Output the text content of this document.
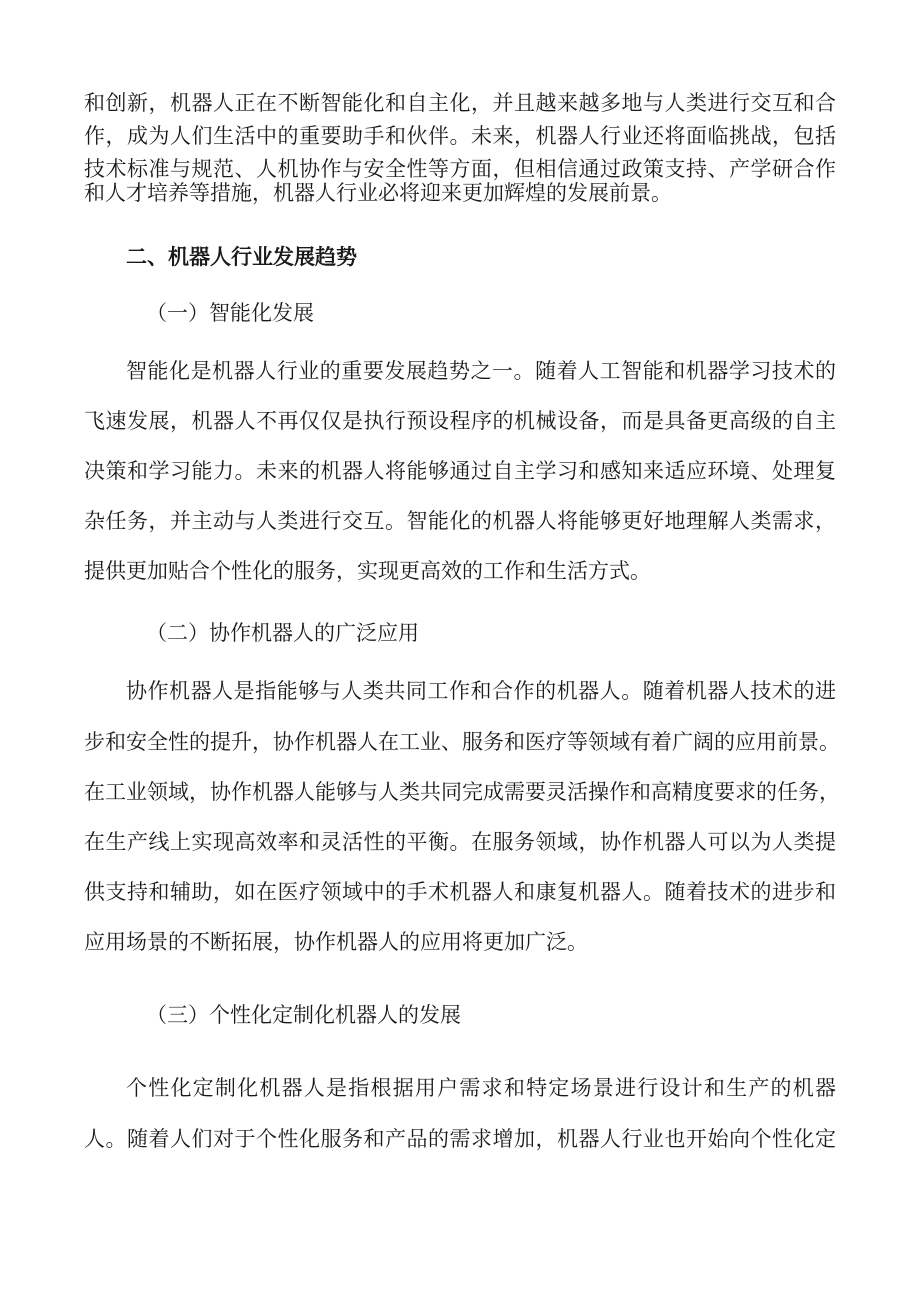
和创新，机器人正在不断智能化和自主化，并且越来越多地与人类进行交互和合
作，成为人们生活中的重要助手和伙伴。未来，机器人行业还将面临挑战，包括
技术标准与规范、人机协作与安全性等方面，但相信通过政策支持、产学研合作
和人才培养等措施，机器人行业必将迎来更加辉煌的发展前景。
二、机器人行业发展趋势
（一）智能化发展
智能化是机器人行业的重要发展趋势之一。随着人工智能和机器学习技术的
飞速发展，机器人不再仅仅是执行预设程序的机械设备，而是具备更高级的自主
决策和学习能力。未来的机器人将能够通过自主学习和感知来适应环境、处理复
杂任务，并主动与人类进行交互。智能化的机器人将能够更好地理解人类需求，
提供更加贴合个性化的服务，实现更高效的工作和生活方式。
（二）协作机器人的广泛应用
协作机器人是指能够与人类共同工作和合作的机器人。随着机器人技术的进
步和安全性的提升，协作机器人在工业、服务和医疗等领域有着广阔的应用前景。
在工业领域，协作机器人能够与人类共同完成需要灵活操作和高精度要求的任务，
在生产线上实现高效率和灵活性的平衡。在服务领域，协作机器人可以为人类提
供支持和辅助，如在医疗领域中的手术机器人和康复机器人。随着技术的进步和
应用场景的不断拓展，协作机器人的应用将更加广泛。
（三）个性化定制化机器人的发展
个性化定制化机器人是指根据用户需求和特定场景进行设计和生产的机器
人。随着人们对于个性化服务和产品的需求增加，机器人行业也开始向个性化定
